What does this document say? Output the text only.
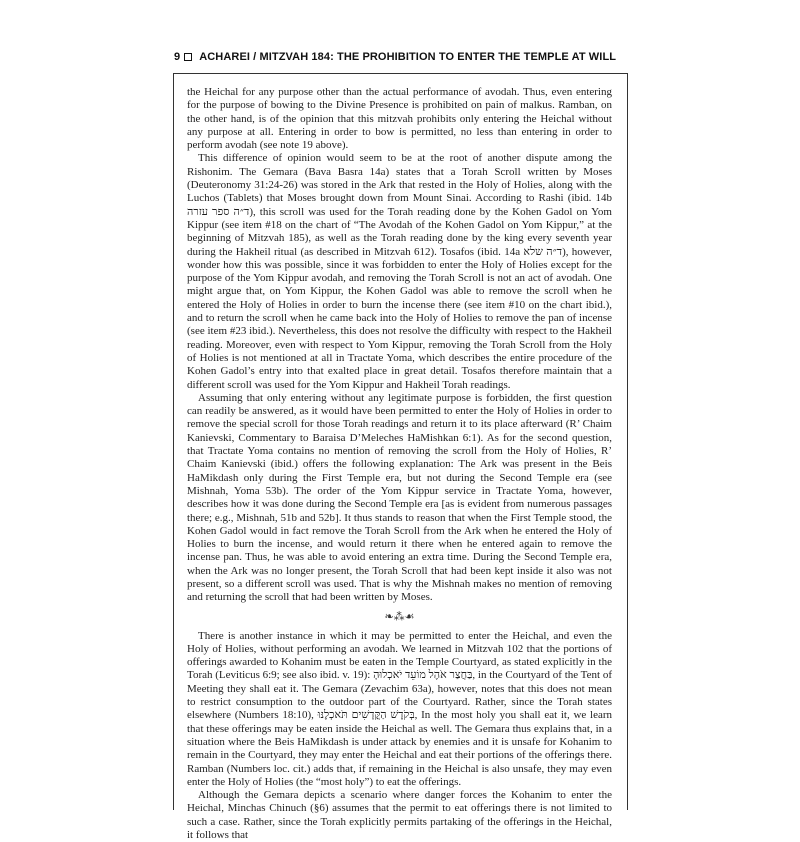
9 ACHAREI / MITZVAH 184: THE PROHIBITION TO ENTER THE TEMPLE AT WILL

the Heichal for any purpose other than the actual performance of avodah. Thus, even entering for the purpose of bowing to the Divine Presence is prohibited on pain of malkus. Ramban, on the other hand, is of the opinion that this mitzvah prohibits only entering the Heichal without any purpose at all. Entering in order to bow is permitted, no less than entering in order to perform avodah (see note 19 above).

This difference of opinion would seem to be at the root of another dispute among the Rishonim. The Gemara (Bava Basra 14a) states that a Torah Scroll written by Moses (Deuteronomy 31:24-26) was stored in the Ark that rested in the Holy of Holies, along with the Luchos (Tablets) that Moses brought down from Mount Sinai. According to Rashi (ibid. 14b ד״ה ספר עזרה), this scroll was used for the Torah reading done by the Kohen Gadol on Yom Kippur (see item #18 on the chart of “The Avodah of the Kohen Gadol on Yom Kippur,” at the beginning of Mitzvah 185), as well as the Torah reading done by the king every seventh year during the Hakheil ritual (as described in Mitzvah 612). Tosafos (ibid. 14a ד״ה שלא), however, wonder how this was possible, since it was forbidden to enter the Holy of Holies except for the purpose of the Yom Kippur avodah, and removing the Torah Scroll is not an act of avodah. One might argue that, on Yom Kippur, the Kohen Gadol was able to remove the scroll when he entered the Holy of Holies in order to burn the incense there (see item #10 on the chart ibid.), and to return the scroll when he came back into the Holy of Holies to remove the pan of incense (see item #23 ibid.). Nevertheless, this does not resolve the difficulty with respect to the Hakheil reading. Moreover, even with respect to Yom Kippur, removing the Torah Scroll from the Holy of Holies is not mentioned at all in Tractate Yoma, which describes the entire procedure of the Kohen Gadol’s entry into that exalted place in great detail. Tosafos therefore maintain that a different scroll was used for the Yom Kippur and Hakheil Torah readings.

Assuming that only entering without any legitimate purpose is forbidden, the first question can readily be answered, as it would have been permitted to enter the Holy of Holies in order to remove the special scroll for those Torah readings and return it to its place afterward (R’ Chaim Kanievski, Commentary to Baraisa D’Meleches HaMishkan 6:1). As for the second question, that Tractate Yoma contains no mention of removing the scroll from the Holy of Holies, R’ Chaim Kanievski (ibid.) offers the following explanation: The Ark was present in the Beis HaMikdash only during the First Temple era, but not during the Second Temple era (see Mishnah, Yoma 53b). The order of the Yom Kippur service in Tractate Yoma, however, describes how it was done during the Second Temple era [as is evident from numerous passages there; e.g., Mishnah, 51b and 52b]. It thus stands to reason that when the First Temple stood, the Kohen Gadol would in fact remove the Torah Scroll from the Ark when he entered the Holy of Holies to burn the incense, and would return it there when he entered again to remove the incense pan. Thus, he was able to avoid entering an extra time. During the Second Temple era, when the Ark was no longer present, the Torah Scroll that had been kept inside it also was not present, so a different scroll was used. That is why the Mishnah makes no mention of removing and returning the scroll that had been written by Moses.

❧⁂☙

There is another instance in which it may be permitted to enter the Heichal, and even the Holy of Holies, without performing an avodah. We learned in Mitzvah 102 that the portions of offerings awarded to Kohanim must be eaten in the Temple Courtyard, as stated explicitly in the Torah (Leviticus 6:9; see also ibid. v. 19): בַּחֲצַר אֹהֶל מוֹעֵד יֹאכְלוּהָ, in the Courtyard of the Tent of Meeting they shall eat it. The Gemara (Zevachim 63a), however, notes that this does not mean to restrict consumption to the outdoor part of the Courtyard. Rather, since the Torah states elsewhere (Numbers 18:10), בְּקֹדֶשׁ הַקֳּדָשִׁים תֹּאכְלֶנּוּ, In the most holy you shall eat it, we learn that these offerings may be eaten inside the Heichal as well. The Gemara thus explains that, in a situation where the Beis HaMikdash is under attack by enemies and it is unsafe for Kohanim to remain in the Courtyard, they may enter the Heichal and eat their portions of the offerings there. Ramban (Numbers loc. cit.) adds that, if remaining in the Heichal is also unsafe, they may even enter the Holy of Holies (the “most holy”) to eat the offerings.

Although the Gemara depicts a scenario where danger forces the Kohanim to enter the Heichal, Minchas Chinuch (§6) assumes that the permit to eat offerings there is not limited to such a case. Rather, since the Torah explicitly permits partaking of the offerings in the Heichal, it follows that
